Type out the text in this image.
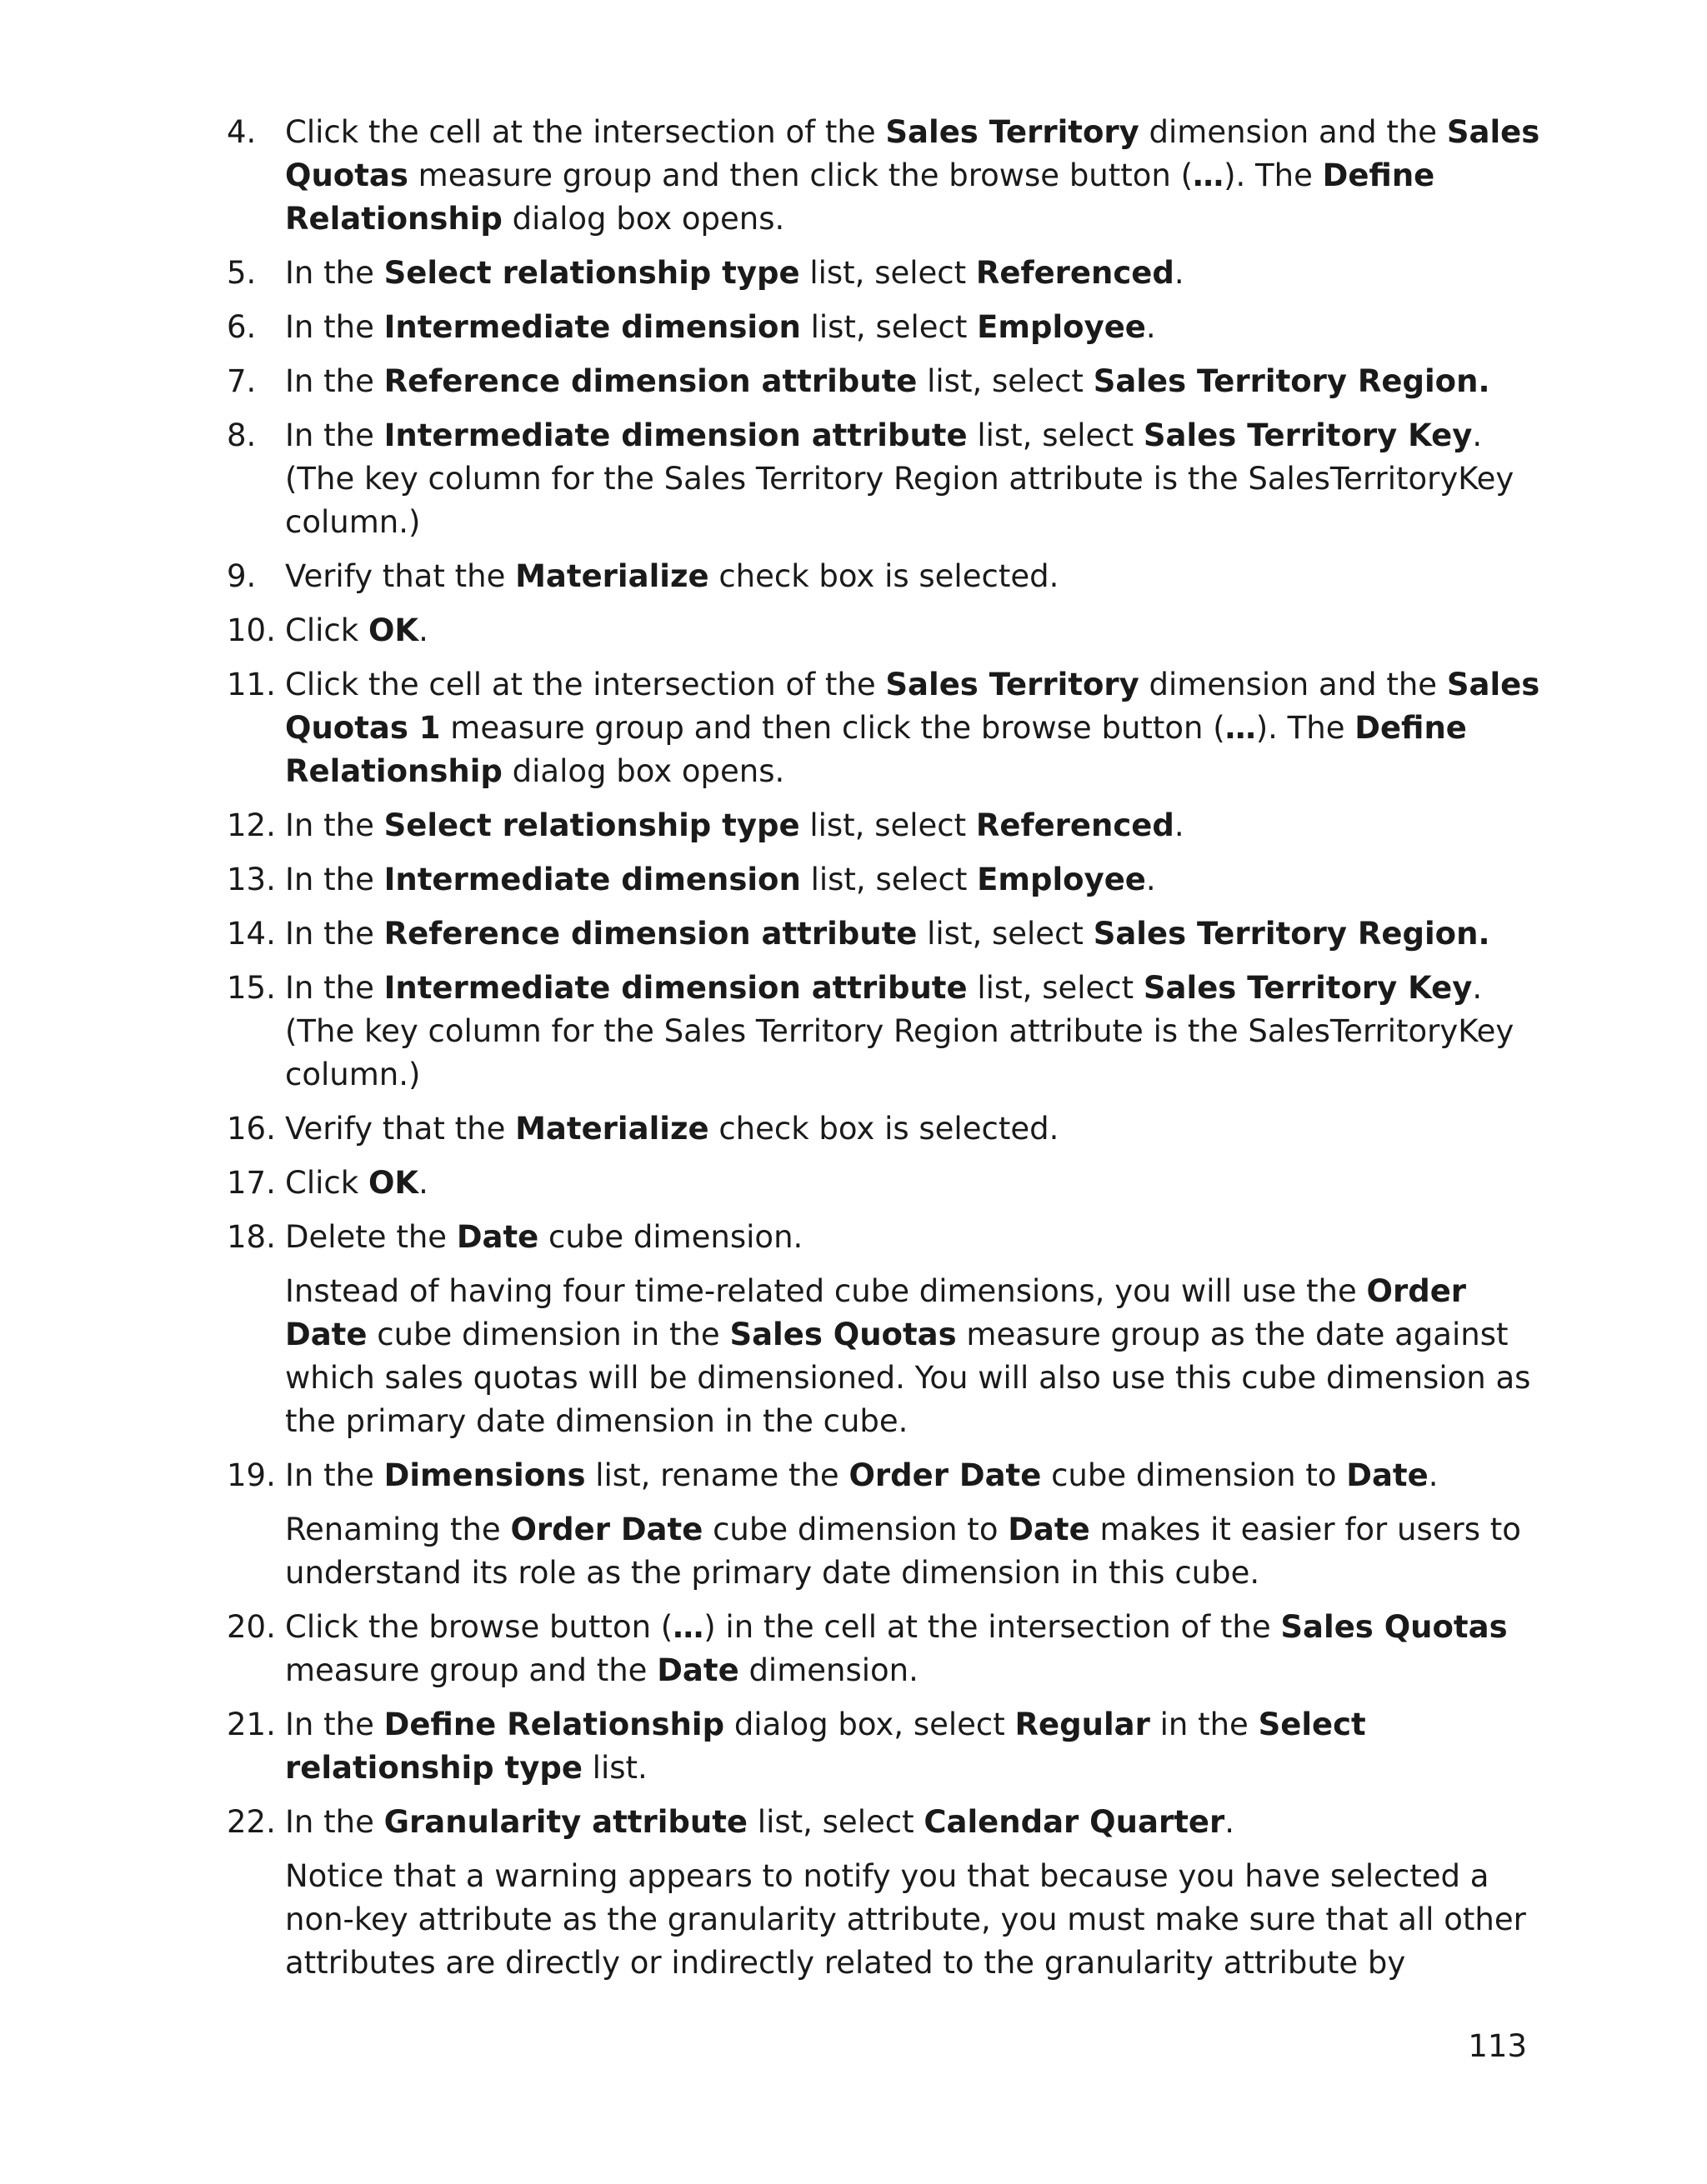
4. Click the cell at the intersection of the Sales Territory dimension and the Sales Quotas measure group and then click the browse button (…). The Define Relationship dialog box opens.
5. In the Select relationship type list, select Referenced.
6. In the Intermediate dimension list, select Employee.
7. In the Reference dimension attribute list, select Sales Territory Region.
8. In the Intermediate dimension attribute list, select Sales Territory Key. (The key column for the Sales Territory Region attribute is the SalesTerritoryKey column.)
9. Verify that the Materialize check box is selected.
10. Click OK.
11. Click the cell at the intersection of the Sales Territory dimension and the Sales Quotas 1 measure group and then click the browse button (…). The Define Relationship dialog box opens.
12. In the Select relationship type list, select Referenced.
13. In the Intermediate dimension list, select Employee.
14. In the Reference dimension attribute list, select Sales Territory Region.
15. In the Intermediate dimension attribute list, select Sales Territory Key. (The key column for the Sales Territory Region attribute is the SalesTerritoryKey column.)
16. Verify that the Materialize check box is selected.
17. Click OK.
18. Delete the Date cube dimension.
Instead of having four time-related cube dimensions, you will use the Order Date cube dimension in the Sales Quotas measure group as the date against which sales quotas will be dimensioned. You will also use this cube dimension as the primary date dimension in the cube.
19. In the Dimensions list, rename the Order Date cube dimension to Date.
Renaming the Order Date cube dimension to Date makes it easier for users to understand its role as the primary date dimension in this cube.
20. Click the browse button (…) in the cell at the intersection of the Sales Quotas measure group and the Date dimension.
21. In the Define Relationship dialog box, select Regular in the Select relationship type list.
22. In the Granularity attribute list, select Calendar Quarter.
Notice that a warning appears to notify you that because you have selected a non-key attribute as the granularity attribute, you must make sure that all other attributes are directly or indirectly related to the granularity attribute by
113
